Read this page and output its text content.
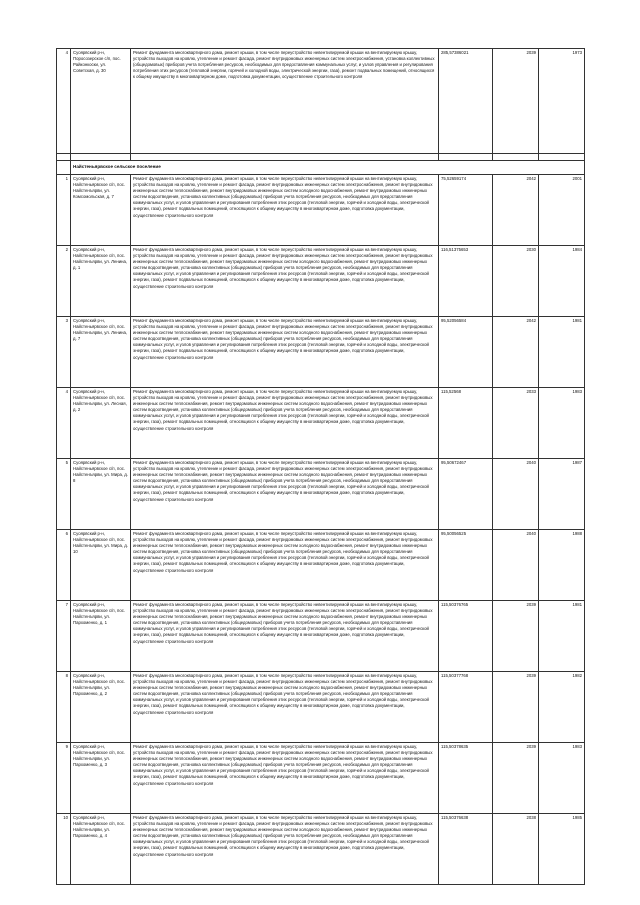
4	Суоярвский р-н, Поросозерское с/п, пос. Райконкоски, ул. Советская, д. 30	Ремонт фундамента многоквартирного дома, ремонт крыши, в том числе переустройство невентилируемой крыши на вентилируемую крышу, устройство выходов на кровлю, утепление и ремонт фасада, ремонт внутридомовых инженерных систем электроснабжения, установка коллективных (общедомовых) приборов учета потребления ресурсов, необходимых для предоставления коммунальных услуг, и узлов управления и регулирования потребления этих ресурсов (тепловой энергии, горячей и холодной воды, электрической энергии, газа), ремонт подвальных помещений, относящихся к общему имуществу в многоквартирном доме, подготовка документации, осуществление строительного контроля	285,57386021	2039	1973

	Найстеньярвское сельское поселение				
1	Суоярвский р-н, Найстеньярвское с/п, пос. Найстенъярви, ул. Комсомольская, д. 7	Ремонт фундамента многоквартирного дома, ремонт крыши, в том числе переустройство невентилируемой крыши на вентилируемую крышу, устройство выходов на кровлю, утепление и ремонт фасада, ремонт внутридомовых инженерных систем электроснабжения, ремонт внутридомовых инженерных систем теплоснабжения, ремонт внутридомовых инженерных систем холодного водоснабжения, ремонт внутридомовых инженерных систем водоотведения, установка коллективных (общедомовых) приборов учета потребления ресурсов, необходимых для предоставления коммунальных услуг, и узлов управления и регулирования потребления этих ресурсов (тепловой энергии, горячей и холодной воды, электрической энергии, газа), ремонт подвальных помещений, относящихся к общему имуществу в многоквартирном доме, подготовка документации, осуществление строительного контроля	75,52659174	2042	2001
2	Суоярвский р-н, Найстеньярвское с/п, пос. Найстенъярви, ул. Ленина, д. 1	Ремонт фундамента многоквартирного дома, ремонт крыши, в том числе переустройство невентилируемой крыши на вентилируемую крышу, устройство выходов на кровлю, утепление и ремонт фасада, ремонт внутридомовых инженерных систем электроснабжения, ремонт внутридомовых инженерных систем теплоснабжения, ремонт внутридомовых инженерных систем холодного водоснабжения, ремонт внутридомовых инженерных систем водоотведения, установка коллективных (общедомовых) приборов учета потребления ресурсов, необходимых для предоставления коммунальных услуг, и узлов управления и регулирования потребления этих ресурсов (тепловой энергии, горячей и холодной воды, электрической энергии, газа), ремонт подвальных помещений, относящихся к общему имуществу в многоквартирном доме, подготовка документации, осуществление строительного контроля	116,51375653	2030	1984
3	Суоярвский р-н, Найстеньярвское с/п, пос. Найстенъярви, ул. Ленина, д. 7	Ремонт фундамента многоквартирного дома, ремонт крыши, в том числе переустройство невентилируемой крыши на вентилируемую крышу, устройство выходов на кровлю, утепление и ремонт фасада, ремонт внутридомовых инженерных систем электроснабжения, ремонт внутридомовых инженерных систем теплоснабжения, ремонт внутридомовых инженерных систем холодного водоснабжения, ремонт внутридомовых инженерных систем водоотведения, установка коллективных (общедомовых) приборов учета потребления ресурсов, необходимых для предоставления коммунальных услуг, и узлов управления и регулирования потребления этих ресурсов (тепловой энергии, горячей и холодной воды, электрической энергии, газа), ремонт подвальных помещений, относящихся к общему имуществу в многоквартирном доме, подготовка документации, осуществление строительного контроля	95,52056584	2042	1981
4	Суоярвский р-н, Найстеньярвское с/п, пос. Найстенъярви, ул. Лесная, д. 2	Ремонт фундамента многоквартирного дома, ремонт крыши, в том числе переустройство невентилируемой крыши на вентилируемую крышу, устройство выходов на кровлю, утепление и ремонт фасада, ремонт внутридомовых инженерных систем электроснабжения, ремонт внутридомовых инженерных систем теплоснабжения, ремонт внутридомовых инженерных систем холодного водоснабжения, ремонт внутридомовых инженерных систем водоотведения, установка коллективных (общедомовых) приборов учета потребления ресурсов, необходимых для предоставления коммунальных услуг, и узлов управления и регулирования потребления этих ресурсов (тепловой энергии, горячей и холодной воды, электрической энергии, газа), ремонт подвальных помещений, относящихся к общему имуществу в многоквартирном доме, подготовка документации, осуществление строительного контроля	115,52568	2033	1983
5	Суоярвский р-н, Найстеньярвское с/п, пос. Найстенъярви, ул. Мира, д. 8	Ремонт фундамента многоквартирного дома, ремонт крыши, в том числе переустройство невентилируемой крыши на вентилируемую крышу, устройство выходов на кровлю, утепление и ремонт фасада, ремонт внутридомовых инженерных систем электроснабжения, ремонт внутридомовых инженерных систем теплоснабжения, ремонт внутридомовых инженерных систем холодного водоснабжения, ремонт внутридомовых инженерных систем водоотведения, установка коллективных (общедомовых) приборов учета потребления ресурсов, необходимых для предоставления коммунальных услуг, и узлов управления и регулирования потребления этих ресурсов (тепловой энергии, горячей и холодной воды, электрической энергии, газа), ремонт подвальных помещений, относящихся к общему имуществу в многоквартирном доме, подготовка документации, осуществление строительного контроля	95,50672467	2040	1987
6	Суоярвский р-н, Найстеньярвское с/п, пос. Найстенъярви, ул. Мира, д. 10	Ремонт фундамента многоквартирного дома, ремонт крыши, в том числе переустройство невентилируемой крыши на вентилируемую крышу, устройство выходов на кровлю, утепление и ремонт фасада, ремонт внутридомовых инженерных систем электроснабжения, ремонт внутридомовых инженерных систем теплоснабжения, ремонт внутридомовых инженерных систем холодного водоснабжения, ремонт внутридомовых инженерных систем водоотведения, установка коллективных (общедомовых) приборов учета потребления ресурсов, необходимых для предоставления коммунальных услуг, и узлов управления и регулирования потребления этих ресурсов (тепловой энергии, горячей и холодной воды, электрической энергии, газа), ремонт подвальных помещений, относящихся к общему имуществу в многоквартирном доме, подготовка документации, осуществление строительного контроля	95,50056525	2040	1988
7	Суоярвский р-н, Найстеньярвское с/п, пос. Найстенъярви, ул. Пархоменко, д. 1	Ремонт фундамента многоквартирного дома, ремонт крыши, в том числе переустройство невентилируемой крыши на вентилируемую крышу, устройство выходов на кровлю, утепление и ремонт фасада, ремонт внутридомовых инженерных систем электроснабжения, ремонт внутридомовых инженерных систем теплоснабжения, ремонт внутридомовых инженерных систем холодного водоснабжения, ремонт внутридомовых инженерных систем водоотведения, установка коллективных (общедомовых) приборов учета потребления ресурсов, необходимых для предоставления коммунальных услуг, и узлов управления и регулирования потребления этих ресурсов (тепловой энергии, горячей и холодной воды, электрической энергии, газа), ремонт подвальных помещений, относящихся к общему имуществу в многоквартирном доме, подготовка документации, осуществление строительного контроля	115,50376765	2039	1981
8	Суоярвский р-н, Найстеньярвское с/п, пос. Найстенъярви, ул. Пархоменко, д. 2	Ремонт фундамента многоквартирного дома, ремонт крыши, в том числе переустройство невентилируемой крыши на вентилируемую крышу, устройство выходов на кровлю, утепление и ремонт фасада, ремонт внутридомовых инженерных систем электроснабжения, ремонт внутридомовых инженерных систем теплоснабжения, ремонт внутридомовых инженерных систем холодного водоснабжения, ремонт внутридомовых инженерных систем водоотведения, установка коллективных (общедомовых) приборов учета потребления ресурсов, необходимых для предоставления коммунальных услуг, и узлов управления и регулирования потребления этих ресурсов (тепловой энергии, горячей и холодной воды, электрической энергии, газа), ремонт подвальных помещений, относящихся к общему имуществу в многоквартирном доме, подготовка документации, осуществление строительного контроля	115,50377768	2039	1982
9	Суоярвский р-н, Найстеньярвское с/п, пос. Найстенъярви, ул. Пархоменко, д. 3	Ремонт фундамента многоквартирного дома, ремонт крыши, в том числе переустройство невентилируемой крыши на вентилируемую крышу, устройство выходов на кровлю, утепление и ремонт фасада, ремонт внутридомовых инженерных систем электроснабжения, ремонт внутридомовых инженерных систем теплоснабжения, ремонт внутридомовых инженерных систем холодного водоснабжения, ремонт внутридомовых инженерных систем водоотведения, установка коллективных (общедомовых) приборов учета потребления ресурсов, необходимых для предоставления коммунальных услуг, и узлов управления и регулирования потребления этих ресурсов (тепловой энергии, горячей и холодной воды, электрической энергии, газа), ремонт подвальных помещений, относящихся к общему имуществу в многоквартирном доме, подготовка документации, осуществление строительного контроля	115,50378635	2039	1983
10	Суоярвский р-н, Найстеньярвское с/п, пос. Найстенъярви, ул. Пархоменко, д. 4	Ремонт фундамента многоквартирного дома, ремонт крыши, в том числе переустройство невентилируемой крыши на вентилируемую крышу, устройство выходов на кровлю, утепление и ремонт фасада, ремонт внутридомовых инженерных систем электроснабжения, ремонт внутридомовых инженерных систем теплоснабжения, ремонт внутридомовых инженерных систем холодного водоснабжения, ремонт внутридомовых инженерных систем водоотведения, установка коллективных (общедомовых) приборов учета потребления ресурсов, необходимых для предоставления коммунальных услуг, и узлов управления и регулирования потребления этих ресурсов (тепловой энергии, горячей и холодной воды, электрической энергии, газа), ремонт подвальных помещений, относящихся к общему имуществу в многоквартирном доме, подготовка документации, осуществление строительного контроля	115,50376638	2038	1985
